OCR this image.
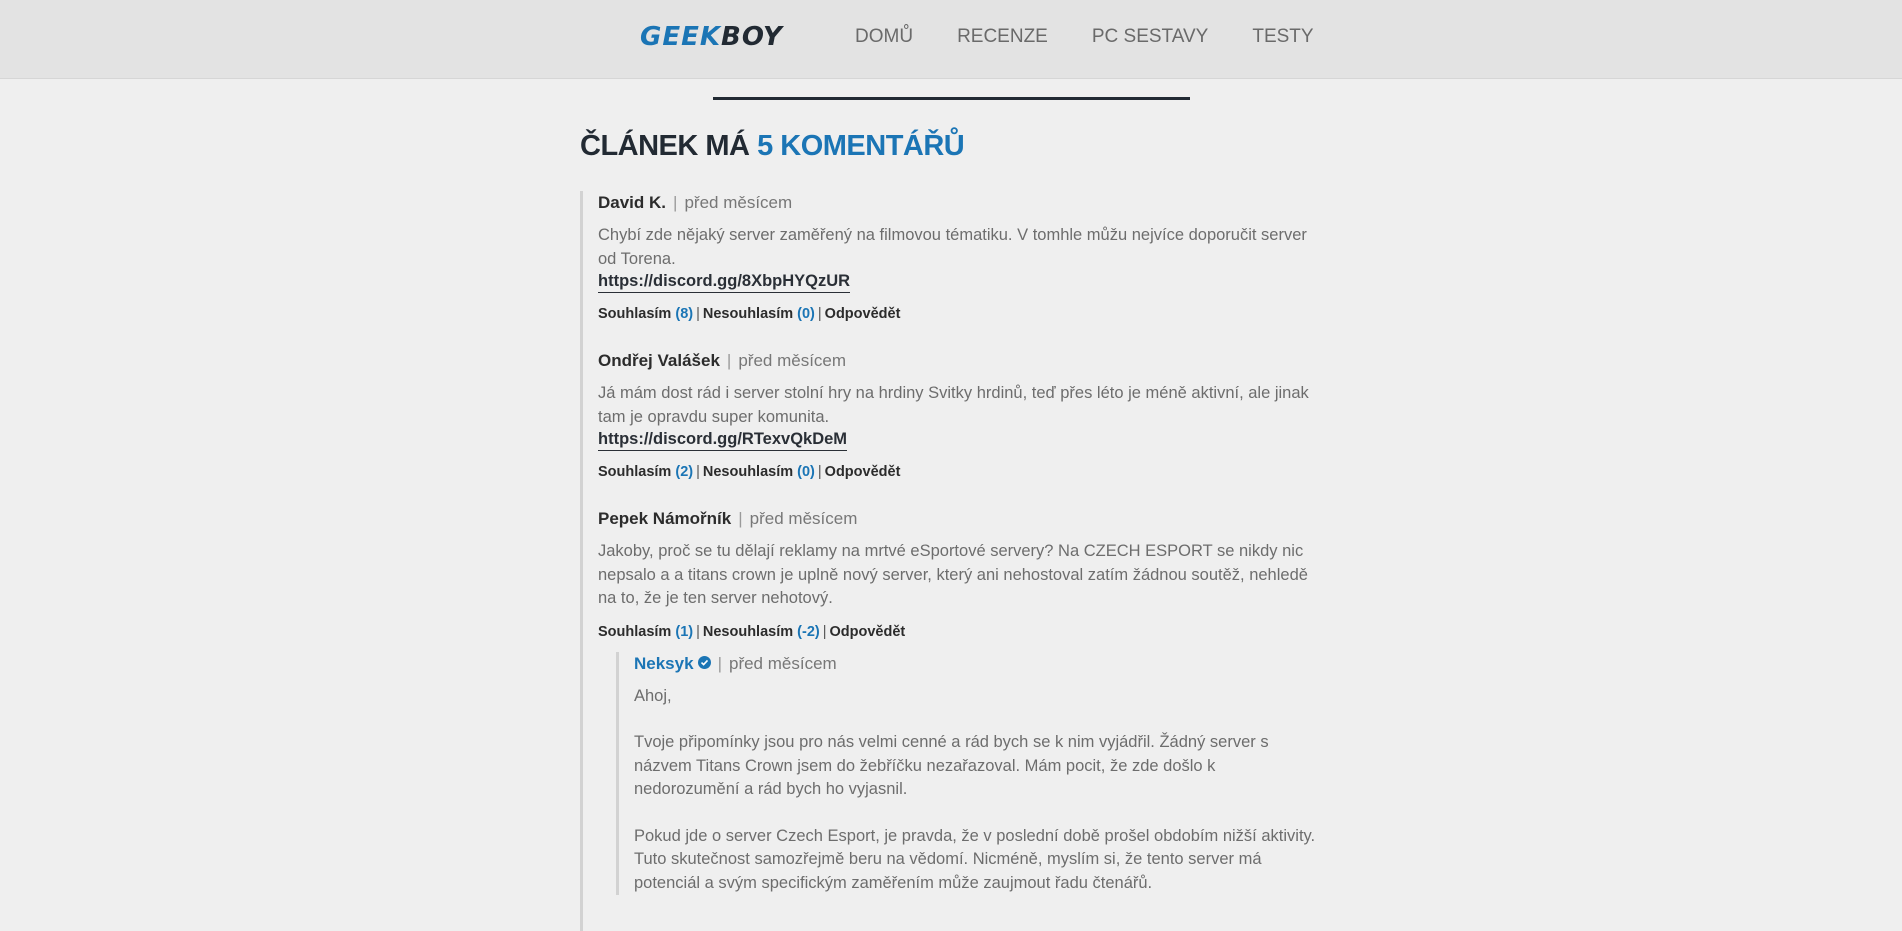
GEEKBOY	DOMŮ RECENZE PC SESTAVY TESTY
ČLÁNEK MÁ 5 KOMENTÁŘŮ
David K. | před měsícem

Chybí zde nějaký server zaměřený na filmovou tématiku. V tomhle můžu nejvíce doporučit server od Torena.

https://discord.gg/8XbpHYQzUR
Souhlasím (8) | Nesouhlasím (0) | Odpovědět
Ondřej Valášek | před měsícem

Já mám dost rád i server stolní hry na hrdiny Svitky hrdinů, teď přes léto je méně aktivní, ale jinak tam je opravdu super komunita.

https://discord.gg/RTexvQkDeM
Souhlasím (2) | Nesouhlasím (0) | Odpovědět
Pepek Námořník | před měsícem

Jakoby, proč se tu dělají reklamy na mrtvé eSportové servery? Na CZECH ESPORT se nikdy nic nepsalo a a titans crown je uplně nový server, který ani nehostoval zatím žádnou soutěž, nehledě na to, že je ten server nehotový.

Souhlasím (1) | Nesouhlasím (-2) | Odpovědět
Neksyk | před měsícem

Ahoj,

Tvoje připomínky jsou pro nás velmi cenné a rád bych se k nim vyjádřil. Žádný server s názvem Titans Crown jsem do žebříčku nezařazoval. Mám pocit, že zde došlo k nedorozumění a rád bych ho vyjasnil.

Pokud jde o server Czech Esport, je pravda, že v poslední době prošel obdobím nižší aktivity. Tuto skutečnost samozřejmě beru na vědomí. Nicméně, myslím si, že tento server má potenciál a svým specifickým zaměřením může zaujmout řadu čtenářů.
